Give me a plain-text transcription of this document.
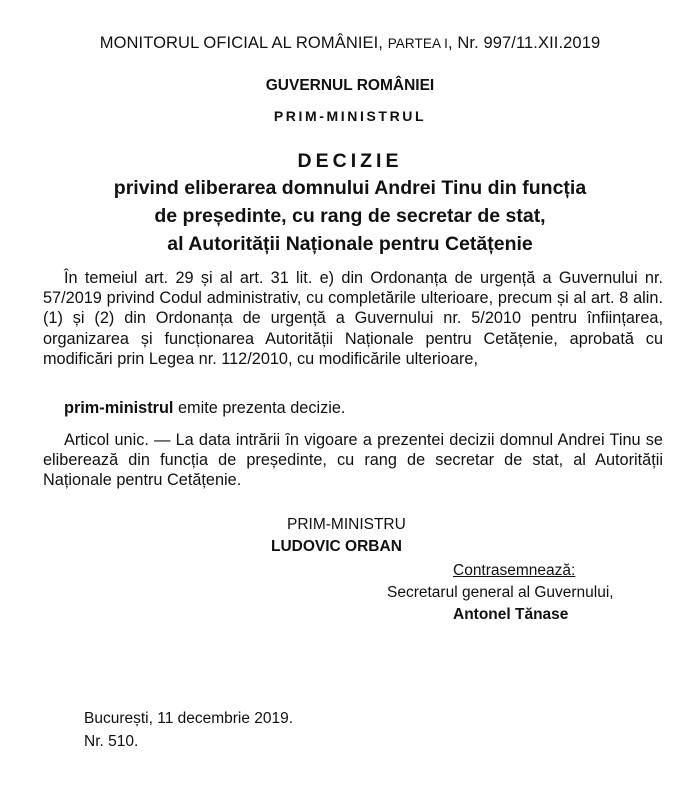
MONITORUL OFICIAL AL ROMÂNIEI, PARTEA I, Nr. 997/11.XII.2019
GUVERNUL ROMÂNIEI
PRIM-MINISTRUL
DECIZIE
privind eliberarea domnului Andrei Tinu din funcția
de președinte, cu rang de secretar de stat,
al Autorității Naționale pentru Cetățenie
În temeiul art. 29 și al art. 31 lit. e) din Ordonanța de urgență a Guvernului nr. 57/2019 privind Codul administrativ, cu completările ulterioare, precum și al art. 8 alin. (1) și (2) din Ordonanța de urgență a Guvernului nr. 5/2010 pentru înființarea, organizarea și funcționarea Autorității Naționale pentru Cetățenie, aprobată cu modificări prin Legea nr. 112/2010, cu modificările ulterioare,
prim-ministrul emite prezenta decizie.
Articol unic. — La data intrării în vigoare a prezentei decizii domnul Andrei Tinu se eliberează din funcția de președinte, cu rang de secretar de stat, al Autorității Naționale pentru Cetățenie.
PRIM-MINISTRU
LUDOVIC ORBAN
Contrasemnează:
Secretarul general al Guvernului,
Antonel Tănase
București, 11 decembrie 2019.
Nr. 510.
